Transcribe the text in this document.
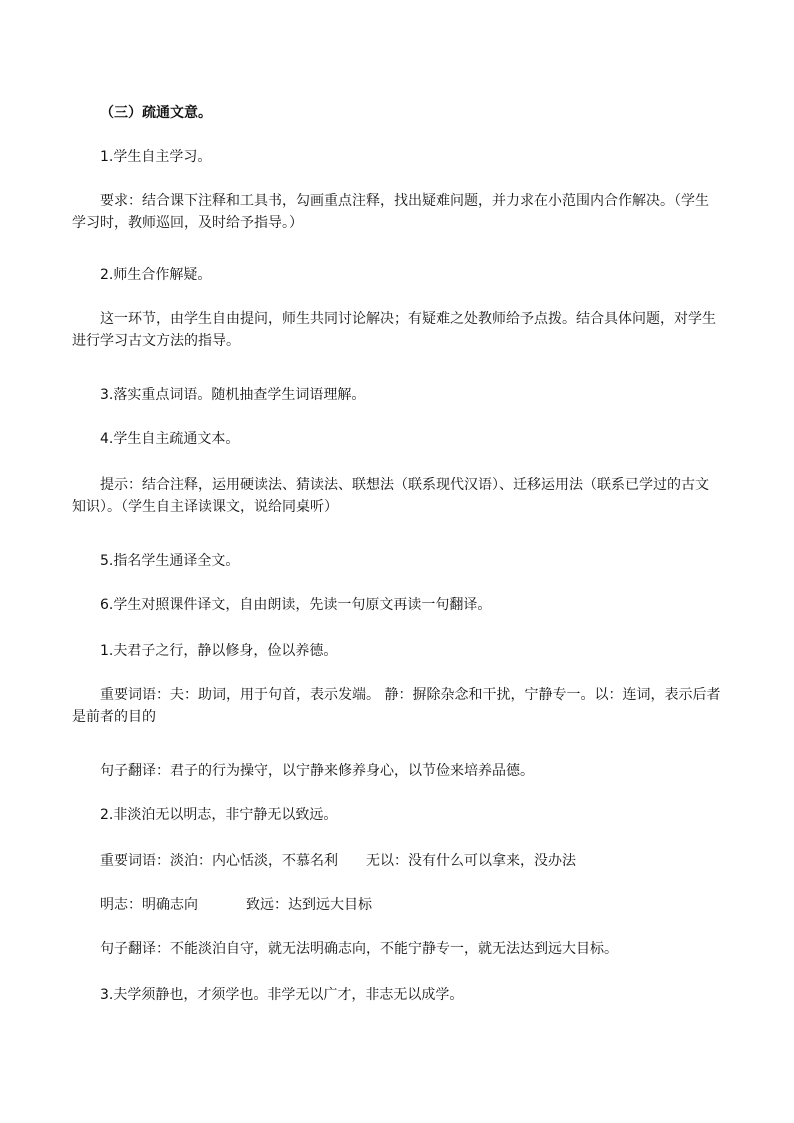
（三）疏通文意。

1.学生自主学习。

要求：结合课下注释和工具书，勾画重点注释，找出疑难问题，并力求在小范围内合作解决。（学生学习时，教师巡回，及时给予指导。）

2.师生合作解疑。

这一环节，由学生自由提问，师生共同讨论解决；有疑难之处教师给予点拨。结合具体问题，对学生进行学习古文方法的指导。

3.落实重点词语。随机抽查学生词语理解。

4.学生自主疏通文本。

提示：结合注释，运用硬读法、猜读法、联想法（联系现代汉语）、迁移运用法（联系已学过的古文知识）。（学生自主译读课文，说给同桌听）

5.指名学生通译全文。

6.学生对照课件译文，自由朗读，先读一句原文再读一句翻译。

1.夫君子之行，静以修身，俭以养德。

重要词语：夫：助词，用于句首，表示发端。 静：摒除杂念和干扰，宁静专一。以：连词，表示后者是前者的目的

句子翻译：君子的行为操守，以宁静来修养身心，以节俭来培养品德。

2.非淡泊无以明志，非宁静无以致远。

重要词语：淡泊：内心恬淡，不慕名利 无以：没有什么可以拿来，没办法
明志：明确志向	致远：达到远大目标

句子翻译：不能淡泊自守，就无法明确志向，不能宁静专一，就无法达到远大目标。

3.夫学须静也，才须学也。非学无以广才，非志无以成学。
